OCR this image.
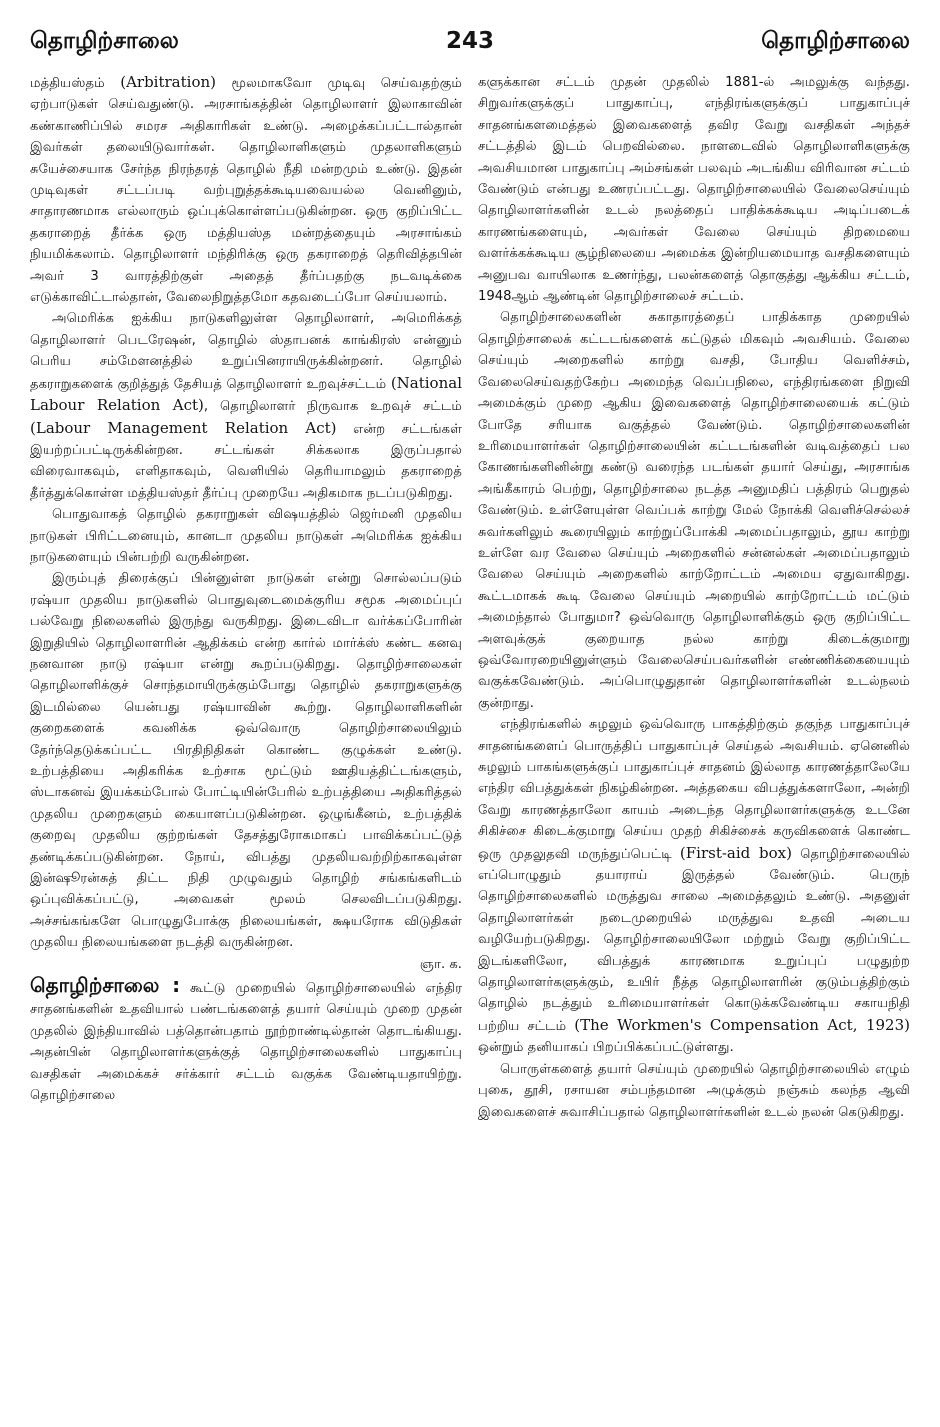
தொழிற்சாலை	243	தொழிற்சாலை

மத்தியஸ்தம் (Arbitration) மூலமாகவோ முடிவு செய்வதற்கும் ஏற்பாடுகள் செய்வதுண்டு. அரசாங்கத்தின் தொழிலாளர் இலாகாவின் கண்காணிப்பில் சமரச அதிகாரிகள் உண்டு. அழைக்கப்பட்டால்தான் இவர்கள் தலையிடுவார்கள். தொழிலாளிகளும் முதலாளிகளும் சுயேச்சையாக சேர்ந்த நிரந்தரத் தொழில் நீதி மன்றமும் உண்டு. இதன் முடிவுகள் சட்டப்படி வற்புறுத்தக்கூடியவையல்ல வெனினும், சாதாரணமாக எல்லாரும் ஒப்புக்கொள்ளப்படுகின்றன. ஒரு குறிப்பிட்ட தகராறைத் தீர்க்க ஒரு மத்தியஸ்த மன்றத்தையும் அரசாங்கம் நியமிக்கலாம். தொழிலாளர் மந்திரிக்கு ஒரு தகராறைத் தெரிவித்தபின் அவர் 3 வாரத்திற்குள் அதைத் தீர்ப்பதற்கு நடவடிக்கை எடுக்காவிட்டால்தான், வேலைநிறுத்தமோ கதவடைப்போ செய்யலாம்.

அமெரிக்க ஐக்கிய நாடுகளிலுள்ள தொழிலாளர், அமெரிக்கத் தொழிலாளர் பெடரேஷன், தொழில் ஸ்தாபனக் காங்கிரஸ் என்னும் பெரிய சம்மேளனத்தில் உறுப்பினராயிருக்கின்றனர். தொழில் தகராறுகளைக் குறித்துத் தேசியத் தொழிலாளர் உறவுச்சட்டம் (National Labour Relation Act), தொழிலாளர் நிருவாக உறவுச் சட்டம் (Labour Management Relation Act) என்ற சட்டங்கள் இயற்றப்பட்டிருக்கின்றன. சட்டங்கள் சிக்கலாக இருப்பதால் விரைவாகவும், எளிதாகவும், வெளியில் தெரியாமலும் தகராறைத் தீர்த்துக்கொள்ள மத்தியஸ்தர் தீர்ப்பு முறையே அதிகமாக நடப்படுகிறது.

பொதுவாகத் தொழில் தகராறுகள் விஷயத்தில் ஜெர்மனி முதலிய நாடுகள் பிரிட்டனையும், கானடா முதலிய நாடுகள் அமெரிக்க ஐக்கிய நாடுகளையும் பின்பற்றி வருகின்றன.

இரும்புத் திரைக்குப் பின்னுள்ள நாடுகள் என்று சொல்லப்படும் ரஷ்யா முதலிய நாடுகளில் பொதுவுடைமைக்குரிய சமூக அமைப்புப் பல்வேறு நிலைகளில் இருந்து வருகிறது. இடைவிடா வர்க்கப்போரின் இறுதியில் தொழிலாளரின் ஆதிக்கம் என்ற கார்ல் மார்க்ஸ் கண்ட கனவு நனவான நாடு ரஷ்யா என்று கூறப்படுகிறது. தொழிற்சாலைகள் தொழிலாளிக்குச் சொந்தமாயிருக்கும்போது தொழில் தகராறுகளுக்கு இடமில்லை யென்பது ரஷ்யாவின் கூற்று. தொழிலாளிகளின் குறைகளைக் கவனிக்க ஒவ்வொரு தொழிற்சாலையிலும் தேர்ந்தெடுக்கப்பட்ட பிரதிநிதிகள் கொண்ட குழுக்கள் உண்டு. உற்பத்தியை அதிகரிக்க உற்சாக மூட்டும் ஊதியத்திட்டங்களும், ஸ்டாகனவ் இயக்கம்போல் போட்டியின்பேரில் உற்பத்தியை அதிகரித்தல் முதலிய முறைகளும் கையாளப்படுகின்றன. ஒழுங்கீனம், உற்பத்திக் குறைவு முதலிய குற்றங்கள் தேசத்துரோகமாகப் பாவிக்கப்பட்டுத் தண்டிக்கப்படுகின்றன. நோய், விபத்து முதலியவற்றிற்காகவுள்ள இன்ஷூரன்சுத் திட்ட நிதி முழுவதும் தொழிற் சங்கங்களிடம் ஒப்புவிக்கப்பட்டு, அவைகள் மூலம் செலவிடப்படுகிறது. அச்சங்கங்களே பொழுதுபோக்கு நிலையங்கள், க்ஷயரோக விடுதிகள் முதலிய நிலையங்களை நடத்தி வருகின்றன.

ஞா. க.

தொழிற்சாலை : கூட்டு முறையில் தொழிற்சாலையில் எந்திர சாதனங்களின் உதவியால் பண்டங்களைத் தயார் செய்யும் முறை முதன் முதலில் இந்தியாவில் பத்தொன்பதாம் நூற்றாண்டில்தான் தொடங்கியது. அதன்பின் தொழிலாளர்களுக்குத் தொழிற்சாலைகளில் பாதுகாப்பு வசதிகள் அமைக்கச் சர்க்கார் சட்டம் வகுக்க வேண்டியதாயிற்று. தொழிற்சாலை

களுக்கான சட்டம் முதன் முதலில் 1881-ல் அமலுக்கு வந்தது. சிறுவர்களுக்குப் பாதுகாப்பு, எந்திரங்களுக்குப் பாதுகாப்புச் சாதனங்களமைத்தல் இவைகளைத் தவிர வேறு வசதிகள் அந்தச் சட்டத்தில் இடம் பெறவில்லை. நாளடைவில் தொழிலாளிகளுக்கு அவசியமான பாதுகாப்பு அம்சங்கள் பலவும் அடங்கிய விரிவான சட்டம் வேண்டும் என்பது உணரப்பட்டது. தொழிற்சாலையில் வேலைசெய்யும் தொழிலாளர்களின் உடல் நலத்தைப் பாதிக்கக்கூடிய அடிப்படைக் காரணங்களையும், அவர்கள் வேலை செய்யும் திறமையை வளர்க்கக்கூடிய சூழ்நிலையை அமைக்க இன்றியமையாத வசதிகளையும் அனுபவ வாயிலாக உணர்ந்து, பலன்களைத் தொகுத்து ஆக்கிய சட்டம், 1948ஆம் ஆண்டின் தொழிற்சாலைச் சட்டம்.

தொழிற்சாலைகளின் சுகாதாரத்தைப் பாதிக்காத முறையில் தொழிற்சாலைக் கட்டடங்களைக் கட்டுதல் மிகவும் அவசியம். வேலை செய்யும் அறைகளில் காற்று வசதி, போதிய வெளிச்சம், வேலைசெய்வதற்கேற்ப அமைந்த வெப்பநிலை, எந்திரங்களை நிறுவி அமைக்கும் முறை ஆகிய இவைகளைத் தொழிற்சாலையைக் கட்டும் போதே சரியாக வகுத்தல் வேண்டும். தொழிற்சாலைகளின் உரிமையாளர்கள் தொழிற்சாலையின் கட்டடங்களின் வடிவத்தைப் பல கோணங்களினின்று கண்டு வரைந்த படங்கள் தயார் செய்து, அரசாங்க அங்கீகாரம் பெற்று, தொழிற்சாலை நடத்த அனுமதிப் பத்திரம் பெறுதல் வேண்டும். உள்ளேயுள்ள வெப்பக் காற்று மேல் நோக்கி வெளிச்செல்லச் சுவர்களிலும் கூரையிலும் காற்றுப்போக்கி அமைப்பதாலும், தூய காற்று உள்ளே வர வேலை செய்யும் அறைகளில் சன்னல்கள் அமைப்பதாலும் வேலை செய்யும் அறைகளில் காற்றோட்டம் அமைய ஏதுவாகிறது. கூட்டமாகக் கூடி வேலை செய்யும் அறையில் காற்றோட்டம் மட்டும் அமைந்தால் போதுமா? ஒவ்வொரு தொழிலாளிக்கும் ஒரு குறிப்பிட்ட அளவுக்குக் குறையாத நல்ல காற்று கிடைக்குமாறு ஒவ்வோரறையினுள்ளும் வேலைசெய்பவர்களின் எண்ணிக்கையையும் வகுக்கவேண்டும். அப்பொழுதுதான் தொழிலாளர்களின் உடல்நலம் குன்றாது.

எந்திரங்களில் சுழலும் ஒவ்வொரு பாகத்திற்கும் தகுந்த பாதுகாப்புச் சாதனங்களைப் பொருத்திப் பாதுகாப்புச் செய்தல் அவசியம். ஏனெனில் சுழலும் பாகங்களுக்குப் பாதுகாப்புச் சாதனம் இல்லாத காரணத்தாலேயே எந்திர விபத்துக்கள் நிகழ்கின்றன. அத்தகைய விபத்துக்களாலோ, அன்றி வேறு காரணத்தாலோ காயம் அடைந்த தொழிலாளர்களுக்கு உடனே சிகிச்சை கிடைக்குமாறு செய்ய முதற் சிகிச்சைக் கருவிகளைக் கொண்ட ஒரு முதலுதவி மருந்துப்பெட்டி (First-aid box) தொழிற்சாலையில் எப்பொழுதும் தயாராய் இருத்தல் வேண்டும். பெருந் தொழிற்சாலைகளில் மருத்துவ சாலை அமைத்தலும் உண்டு. அதனுள் தொழிலாளர்கள் நடைமுறையில் மருத்துவ உதவி அடைய வழியேற்படுகிறது. தொழிற்சாலையிலோ மற்றும் வேறு குறிப்பிட்ட இடங்களிலோ, விபத்துக் காரணமாக உறுப்புப் பழுதுற்ற தொழிலாளர்களுக்கும், உயிர் நீத்த தொழிலாளரின் குடும்பத்திற்கும் தொழில் நடத்தும் உரிமையாளர்கள் கொடுக்கவேண்டிய சகாயநிதி பற்றிய சட்டம் (The Workmen's Compensation Act, 1923) ஒன்றும் தனியாகப் பிறப்பிக்கப்பட்டுள்ளது.

பொருள்களைத் தயார் செய்யும் முறையில் தொழிற்சாலையில் எழும் புகை, தூசி, ரசாயன சம்பந்தமான அழுக்கும் நஞ்சும் கலந்த ஆவி இவைகளைச் சுவாசிப்பதால் தொழிலாளர்களின் உடல் நலன் கெடுகிறது.
